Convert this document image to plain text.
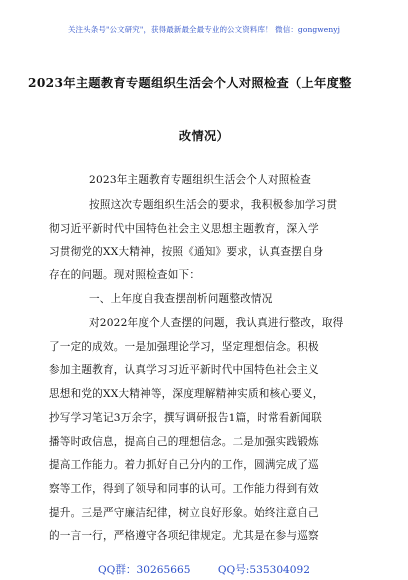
关注头条号"公文研究"，获得最新最全最专业的公文资料库！ 微信：gongwenyj
2023年主题教育专题组织生活会个人对照检查（上年度整
改情况）
2023年主题教育专题组织生活会个人对照检查
按照这次专题组织生活会的要求，我积极参加学习贯
彻习近平新时代中国特色社会主义思想主题教育，深入学
习贯彻党的XX大精神，按照《通知》要求，认真查摆自身
存在的问题。现对照检查如下：
一、上年度自我查摆剖析问题整改情况
对2022年度个人查摆的问题，我认真进行整改，取得
了一定的成效。一是加强理论学习，坚定理想信念。积极
参加主题教育，认真学习习近平新时代中国特色社会主义
思想和党的XX大精神等，深度理解精神实质和核心要义，
抄写学习笔记3万余字，撰写调研报告1篇，时常看新闻联
播等时政信息，提高自己的理想信念。二是加强实践锻炼
提高工作能力。着力抓好自己分内的工作，圆满完成了巡
察等工作，得到了领导和同事的认可。工作能力得到有效
提升。三是严守廉洁纪律，树立良好形象。始终注意自己
的一言一行，严格遵守各项纪律规定。尤其是在参与巡察
QQ群：30265665	QQ号:535304092
